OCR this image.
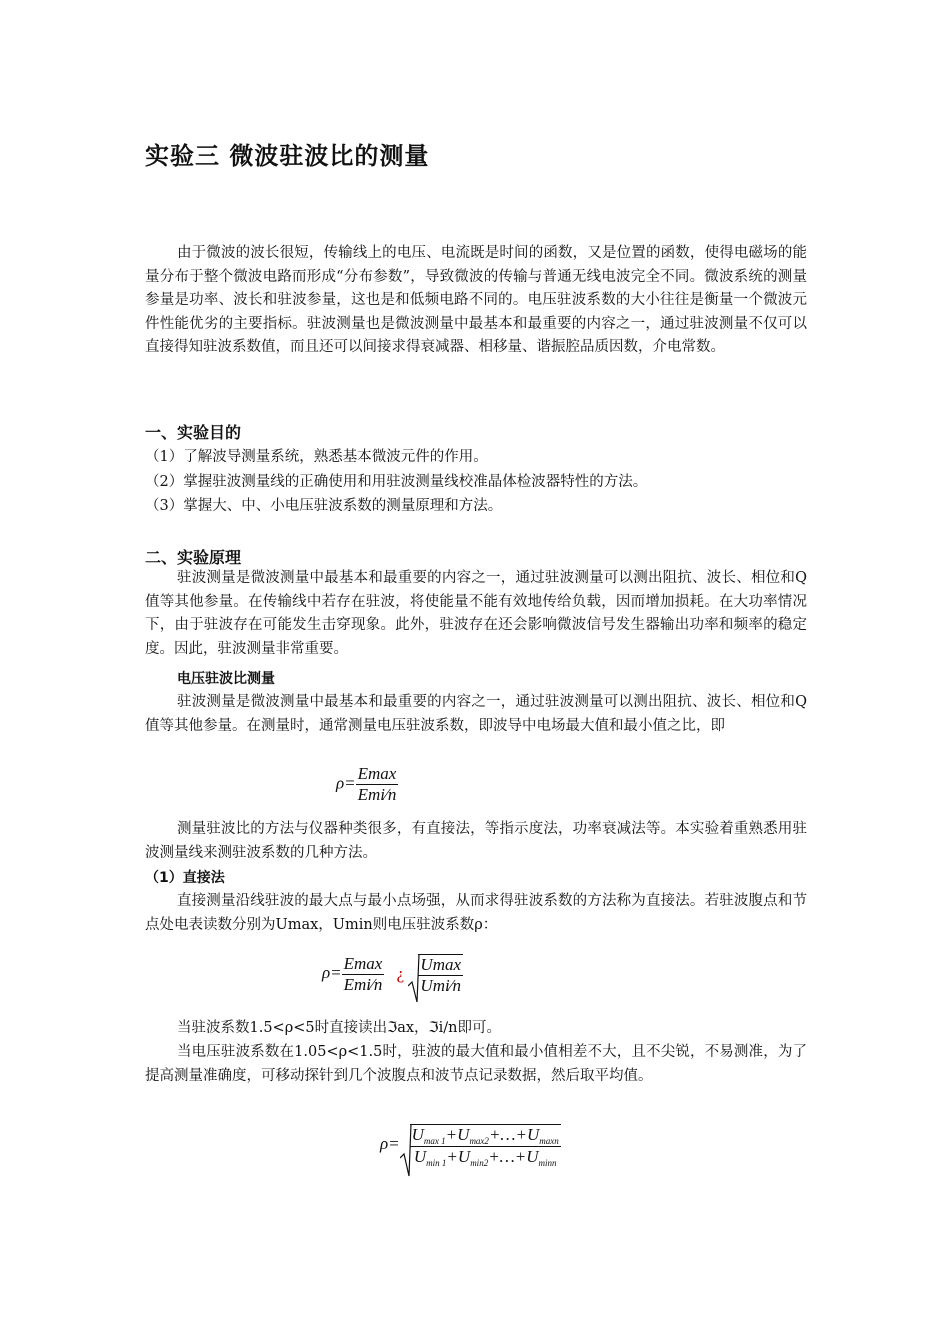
实验三 微波驻波比的测量
由于微波的波长很短，传输线上的电压、电流既是时间的函数，又是位置的函数，使得电磁场的能量分布于整个微波电路而形成“分布参数”，导致微波的传输与普通无线电波完全不同。微波系统的测量参量是功率、波长和驻波参量，这也是和低频电路不同的。电压驻波系数的大小往往是衡量一个微波元件性能优劣的主要指标。驻波测量也是微波测量中最基本和最重要的内容之一，通过驻波测量不仅可以直接得知驻波系数值，而且还可以间接求得衰减器、相移量、谐振腔品质因数，介电常数。
一、实验目的
（1）了解波导测量系统，熟悉基本微波元件的作用。
（2）掌握驻波测量线的正确使用和用驻波测量线校准晶体检波器特性的方法。
（3）掌握大、中、小电压驻波系数的测量原理和方法。
二、实验原理
驻波测量是微波测量中最基本和最重要的内容之一，通过驻波测量可以测出阻抗、波长、相位和Q值等其他参量。在传输线中若存在驻波，将使能量不能有效地传给负载，因而增加损耗。在大功率情况下，由于驻波存在可能发生击穿现象。此外，驻波存在还会影响微波信号发生器输出功率和频率的稳定度。因此，驻波测量非常重要。
电压驻波比测量
驻波测量是微波测量中最基本和最重要的内容之一，通过驻波测量可以测出阻抗、波长、相位和Q值等其他参量。在测量时，通常测量电压驻波系数，即波导中电场最大值和最小值之比，即
$\rho= \frac{Emax}{\text{Emi∕n}}$
测量驻波比的方法与仪器种类很多，有直接法，等指示度法，功率衰减法等。本实验着重熟悉用驻波测量线来测驻波系数的几种方法。
（1）直接法
直接测量沿线驻波的最大点与最小点场强，从而求得驻波系数的方法称为直接法。若驻波腹点和节点处电表读数分别为Umax，Umin则电压驻波系数ρ：
$\rho= \frac{Emax}{\text{Emi∕n}}$ ¿ $\frac{Umax}{\text{Umi∕n}}$
当驻波系数1.5<ρ<5时直接读出ℑax，ℑi∕n即可。
当电压驻波系数在1.05<ρ<1.5时，驻波的最大值和最小值相差不大，且不尖锐，不易测准，为了提高测量准确度，可移动探针到几个波腹点和波节点记录数据，然后取平均值。
$\rho= \frac{U_{max 1}+U_{max2}+\dots+U_{maxn}}{U_{min 1}+U_{min2}+\dots+U_{minn}}$
